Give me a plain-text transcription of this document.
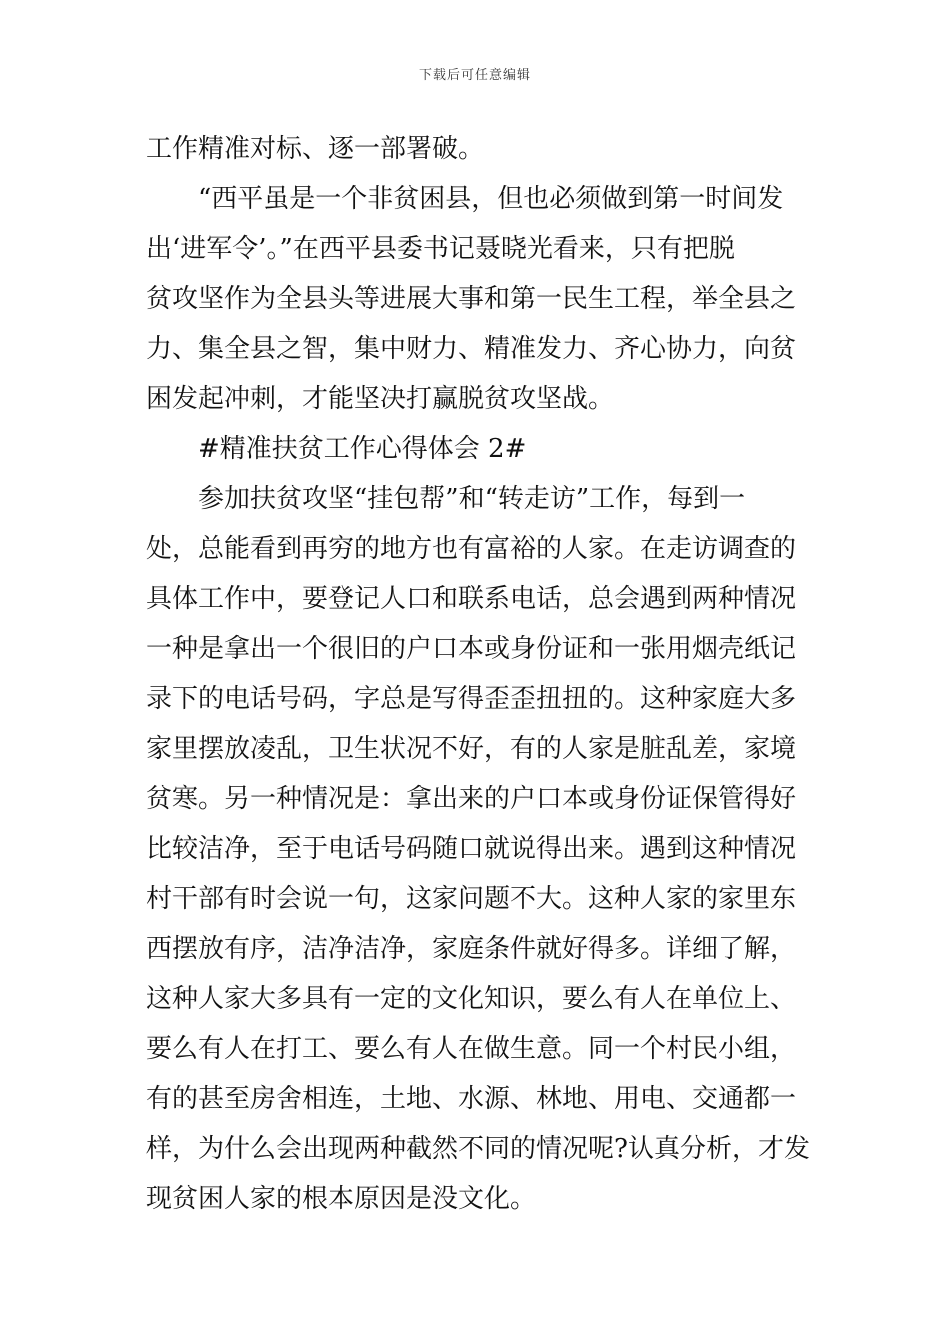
下载后可任意编辑
工作精准对标、逐一部署破。
“西平虽是一个非贫困县，但也必须做到第一时间发
出‘进军令’。”在西平县委书记聂晓光看来，只有把脱
贫攻坚作为全县头等进展大事和第一民生工程，举全县之
力、集全县之智，集中财力、精准发力、齐心协力，向贫
困发起冲刺，才能坚决打赢脱贫攻坚战。
#精准扶贫工作心得体会 2#
参加扶贫攻坚“挂包帮”和“转走访”工作，每到一
处，总能看到再穷的地方也有富裕的人家。在走访调查的
具体工作中，要登记人口和联系电话，总会遇到两种情况
一种是拿出一个很旧的户口本或身份证和一张用烟壳纸记
录下的电话号码，字总是写得歪歪扭扭的。这种家庭大多
家里摆放凌乱，卫生状况不好，有的人家是脏乱差，家境
贫寒。另一种情况是：拿出来的户口本或身份证保管得好
比较洁净，至于电话号码随口就说得出来。遇到这种情况
村干部有时会说一句，这家问题不大。这种人家的家里东
西摆放有序，洁净洁净，家庭条件就好得多。详细了解，
这种人家大多具有一定的文化知识，要么有人在单位上、
要么有人在打工、要么有人在做生意。同一个村民小组，
有的甚至房舍相连，土地、水源、林地、用电、交通都一
样，为什么会出现两种截然不同的情况呢?认真分析，才发
现贫困人家的根本原因是没文化。
